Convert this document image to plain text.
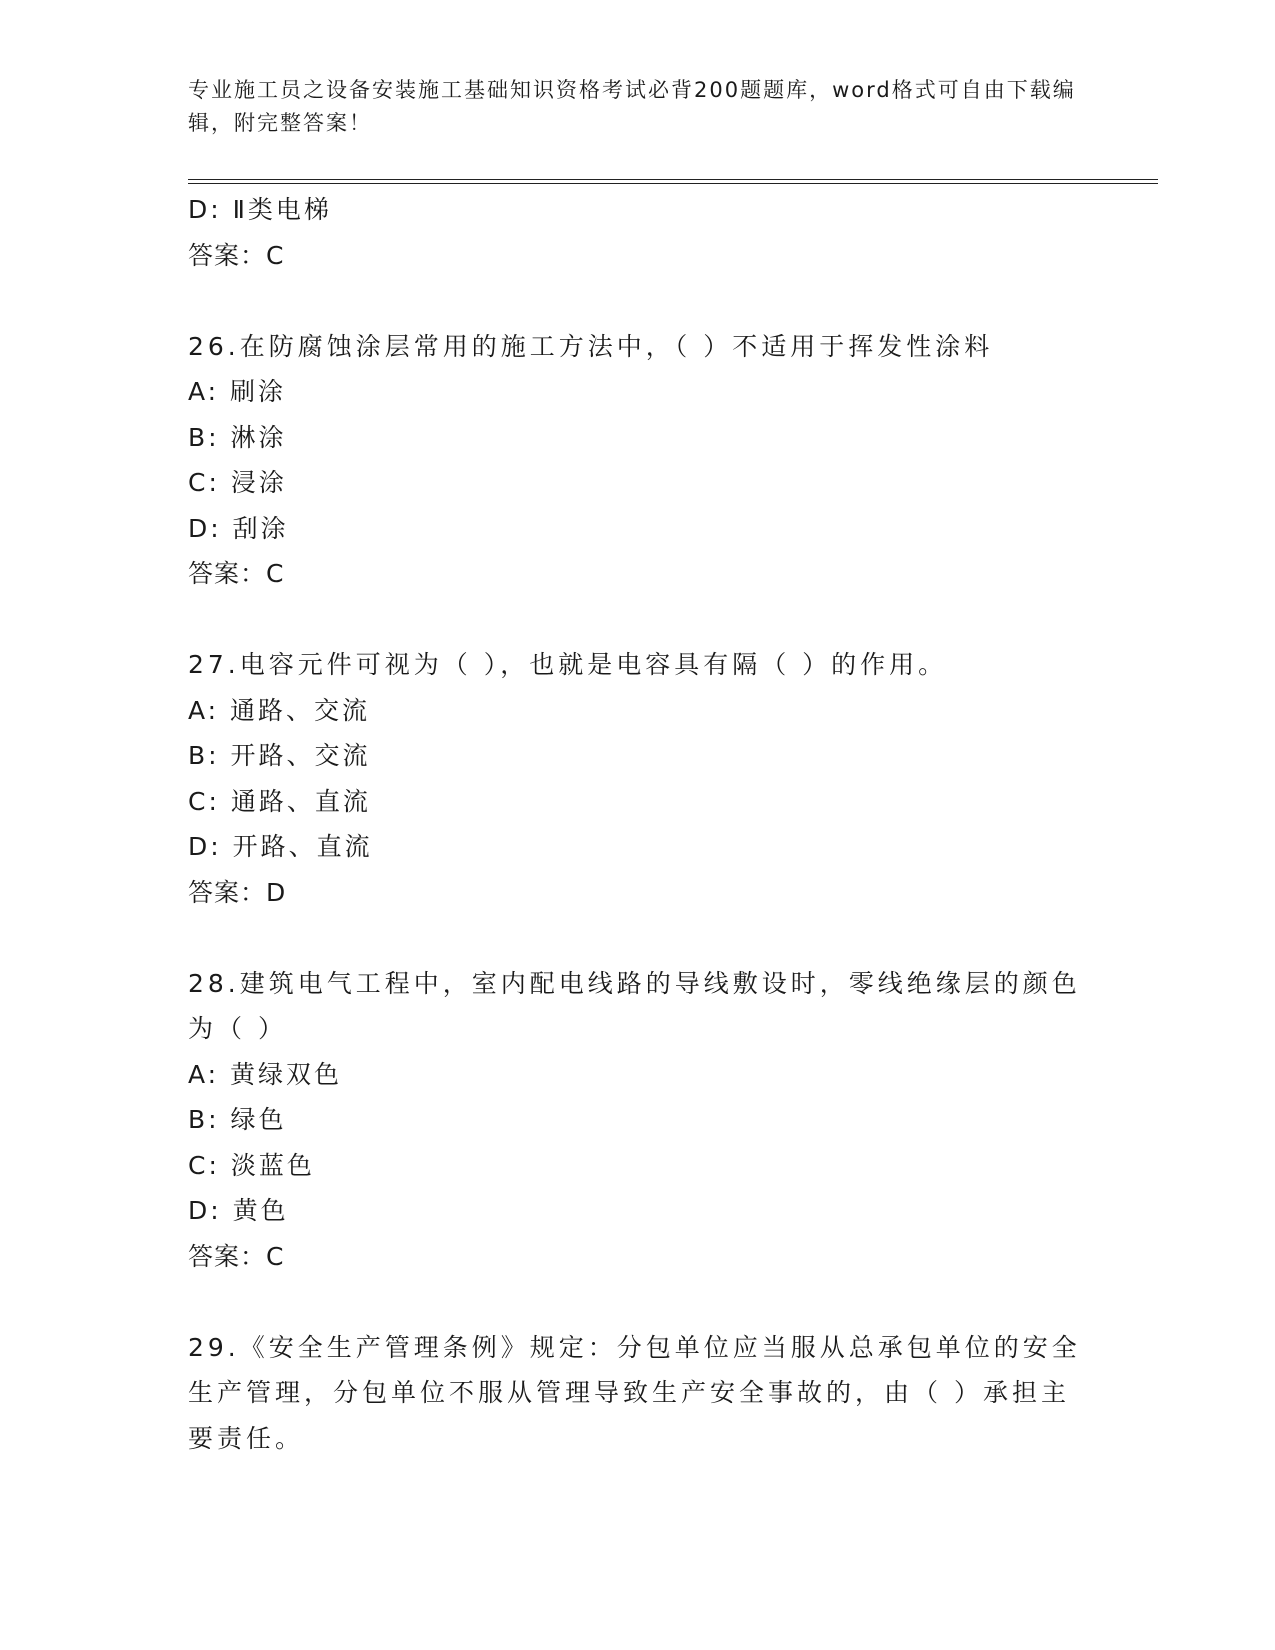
专业施工员之设备安装施工基础知识资格考试必背200题题库，word格式可自由下载编辑，附完整答案！
D: Ⅱ类电梯
答案：C
26.在防腐蚀涂层常用的施工方法中，（ ）不适用于挥发性涂料
A: 刷涂
B: 淋涂
C: 浸涂
D: 刮涂
答案：C
27.电容元件可视为（ ），也就是电容具有隔（ ）的作用。
A: 通路、交流
B: 开路、交流
C: 通路、直流
D: 开路、直流
答案：D
28.建筑电气工程中，室内配电线路的导线敷设时，零线绝缘层的颜色为（ ）
A: 黄绿双色
B: 绿色
C: 淡蓝色
D: 黄色
答案：C
29.《安全生产管理条例》规定：分包单位应当服从总承包单位的安全生产管理，分包单位不服从管理导致生产安全事故的，由（ ）承担主要责任。
